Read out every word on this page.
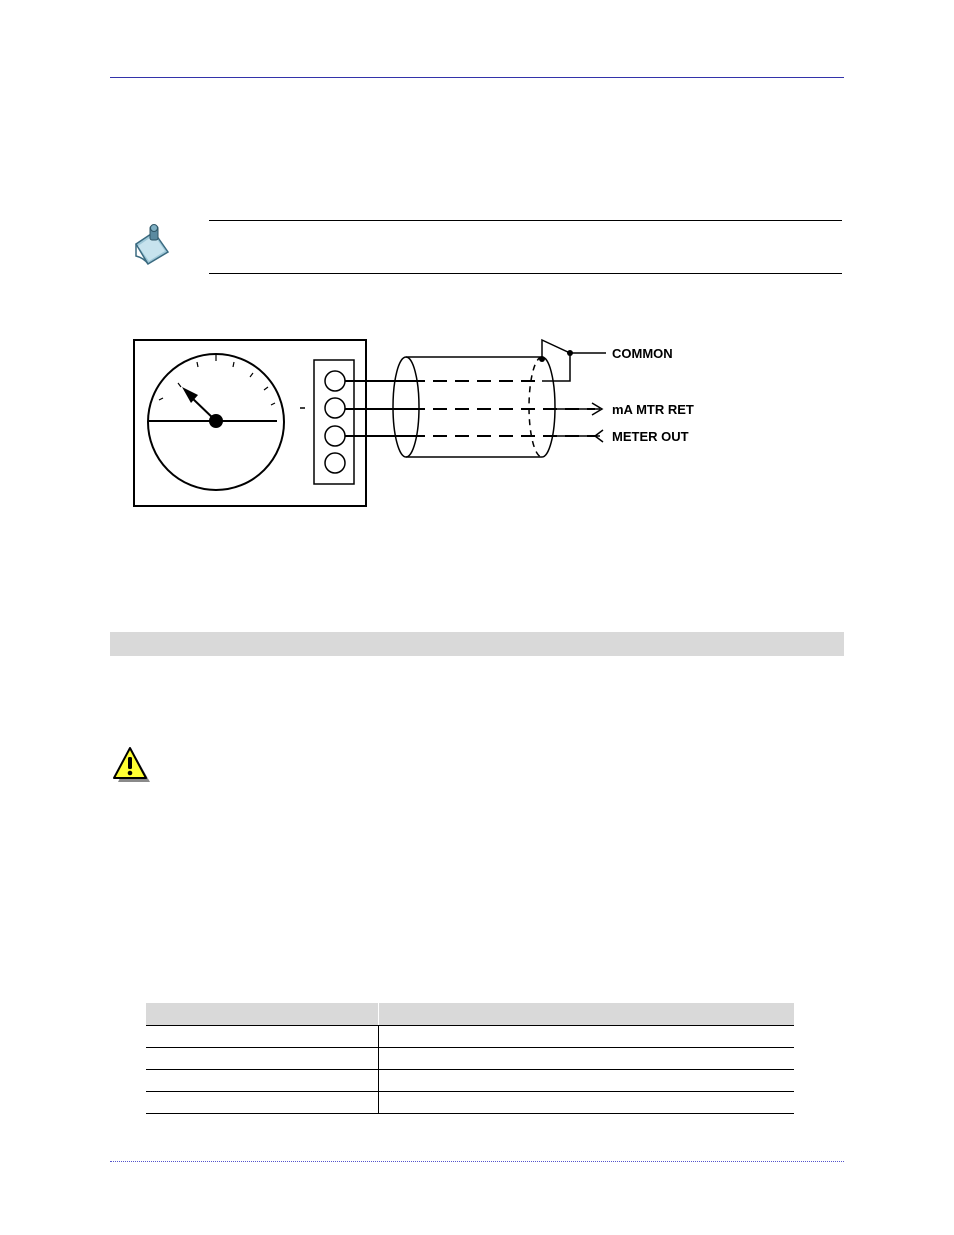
COMMON
mA MTR RET
METER OUT
